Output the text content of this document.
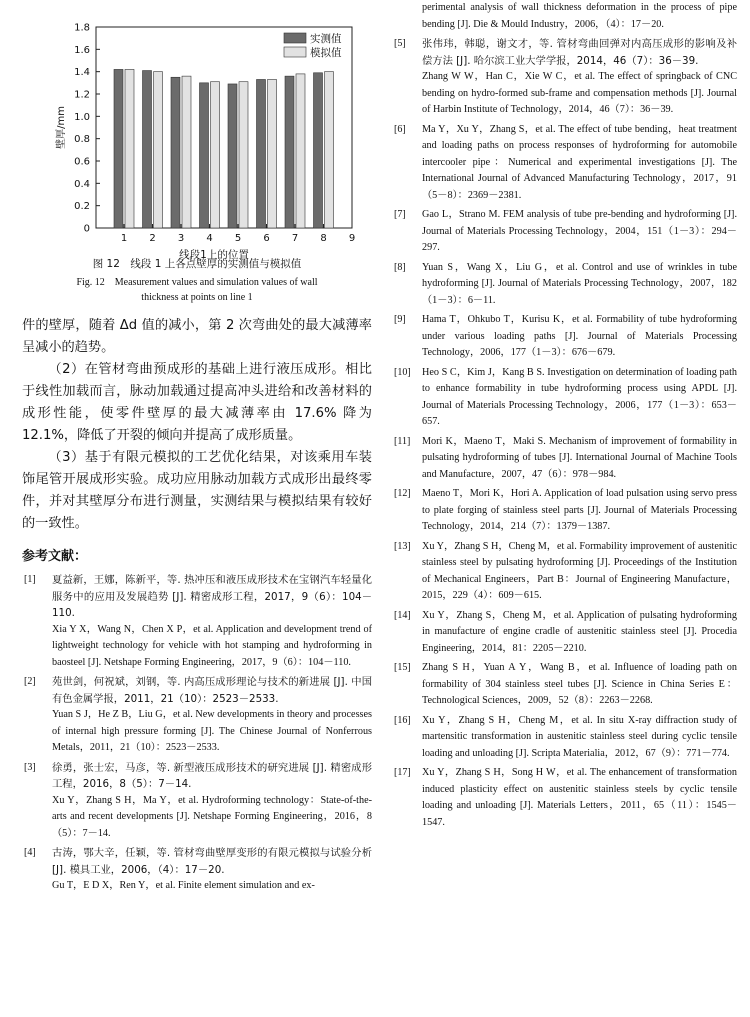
0
0.2
0.4
0.6
0.8
1.0
1.2
1.4
1.6
1.8
1 2 3 4 5 6 7 8 9
实测值
模拟值
线段1上的位置
壁厚/mm
图 12　线段 1 上各点壁厚的实测值与模拟值
Fig. 12　Measurement values and simulation values of wall
thickness at points on line 1

件的壁厚，随着 Δd 值的减小，第 2 次弯曲处的最大减薄率呈减小的趋势。

（2）在管材弯曲预成形的基础上进行液压成形。相比于线性加载而言，脉动加载通过提高冲头进给和改善材料的成形性能，使零件壁厚的最大减薄率由 17.6% 降为 12.1%，降低了开裂的倾向并提高了成形质量。

（3）基于有限元模拟的工艺优化结果，对该乘用车装饰尾管开展成形实验。成功应用脉动加载方式成形出最终零件，并对其壁厚分布进行测量，实测结果与模拟结果有较好的一致性。

参考文献：
[1] 夏益新，王娜，陈新平，等. 热冲压和液压成形技术在宝钢汽车轻量化服务中的应用及发展趋势 [J]. 精密成形工程，2017，9（6）：104－110.
Xia Y X，Wang N，Chen X P，et al. Application and development trend of lightweight technology for vehicle with hot stamping and hydroforming in baosteel [J]. Netshape Forming Engineering，2017，9（6）：104－110.
[2] 苑世剑，何祝斌，刘钢，等. 内高压成形理论与技术的新进展 [J]. 中国有色金属学报，2011，21（10）：2523－2533.
Yuan S J，He Z B，Liu G，et al. New developments in theory and processes of internal high pressure forming [J]. The Chinese Journal of Nonferrous Metals，2011，21（10）：2523－2533.
[3] 徐勇，张士宏，马彦，等. 新型液压成形技术的研究进展 [J]. 精密成形工程，2016，8（5）：7－14.
Xu Y，Zhang S H，Ma Y，et al. Hydroforming technology：State-of-the-arts and recent developments [J]. Netshape Forming Engineering，2016，8（5）：7－14.
[4] 古涛，鄂大辛，任颖，等. 管材弯曲壁厚变形的有限元模拟与试验分析 [J]. 模具工业，2006，（4）：17－20.
Gu T，E D X，Ren Y，et al. Finite element simulation and ex-
perimental analysis of wall thickness deformation in the process of pipe bending [J]. Die & Mould Industry，2006，（4）：17－20.
[5] 张伟玮，韩聪，谢文才，等. 管材弯曲回弹对内高压成形的影响及补偿方法 [J]. 哈尔滨工业大学学报，2014，46（7）：36－39.
Zhang W W，Han C，Xie W C，et al. The effect of springback of CNC bending on hydro-formed sub-frame and compensation methods [J]. Journal of Harbin Institute of Technology，2014，46（7）：36－39.
[6] Ma Y，Xu Y，Zhang S，et al. The effect of tube bending，heat treatment and loading paths on process responses of hydroforming for automobile intercooler pipe：Numerical and experimental investigations [J]. The International Journal of Advanced Manufacturing Technology，2017，91（5－8）：2369－2381.
[7] Gao L，Strano M. FEM analysis of tube pre-bending and hydroforming [J]. Journal of Materials Processing Technology，2004，151（1－3）：294－297.
[8] Yuan S，Wang X，Liu G，et al. Control and use of wrinkles in tube hydroforming [J]. Journal of Materials Processing Technology，2007，182（1－3）：6－11.
[9] Hama T，Ohkubo T，Kurisu K，et al. Formability of tube hydroforming under various loading paths [J]. Journal of Materials Processing Technology，2006，177（1－3）：676－679.
[10] Heo S C，Kim J，Kang B S. Investigation on determination of loading path to enhance formability in tube hydroforming process using APDL [J]. Journal of Materials Processing Technology，2006，177（1－3）：653－657.
[11] Mori K，Maeno T，Maki S. Mechanism of improvement of formability in pulsating hydroforming of tubes [J]. International Journal of Machine Tools and Manufacture，2007，47（6）：978－984.
[12] Maeno T，Mori K，Hori A. Application of load pulsation using servo press to plate forging of stainless steel parts [J]. Journal of Materials Processing Technology，2014，214（7）：1379－1387.
[13] Xu Y，Zhang S H，Cheng M，et al. Formability improvement of austenitic stainless steel by pulsating hydroforming [J]. Proceedings of the Institution of Mechanical Engineers，Part B：Journal of Engineering Manufacture，2015，229（4）：609－615.
[14] Xu Y，Zhang S，Cheng M，et al. Application of pulsating hydroforming in manufacture of engine cradle of austenitic stainless steel [J]. Procedia Engineering，2014，81：2205－2210.
[15] Zhang S H，Yuan A Y，Wang B，et al. Influence of loading path on formability of 304 stainless steel tubes [J]. Science in China Series E：Technological Sciences，2009，52（8）：2263－2268.
[16] Xu Y，Zhang S H，Cheng M，et al. In situ X-ray diffraction study of martensitic transformation in austenitic stainless steel during cyclic tensile loading and unloading [J]. Scripta Materialia，2012，67（9）：771－774.
[17] Xu Y，Zhang S H，Song H W，et al. The enhancement of transformation induced plasticity effect on austenitic stainless steels by cyclic tensile loading and unloading [J]. Materials Letters，2011，65（11）：1545－1547.
